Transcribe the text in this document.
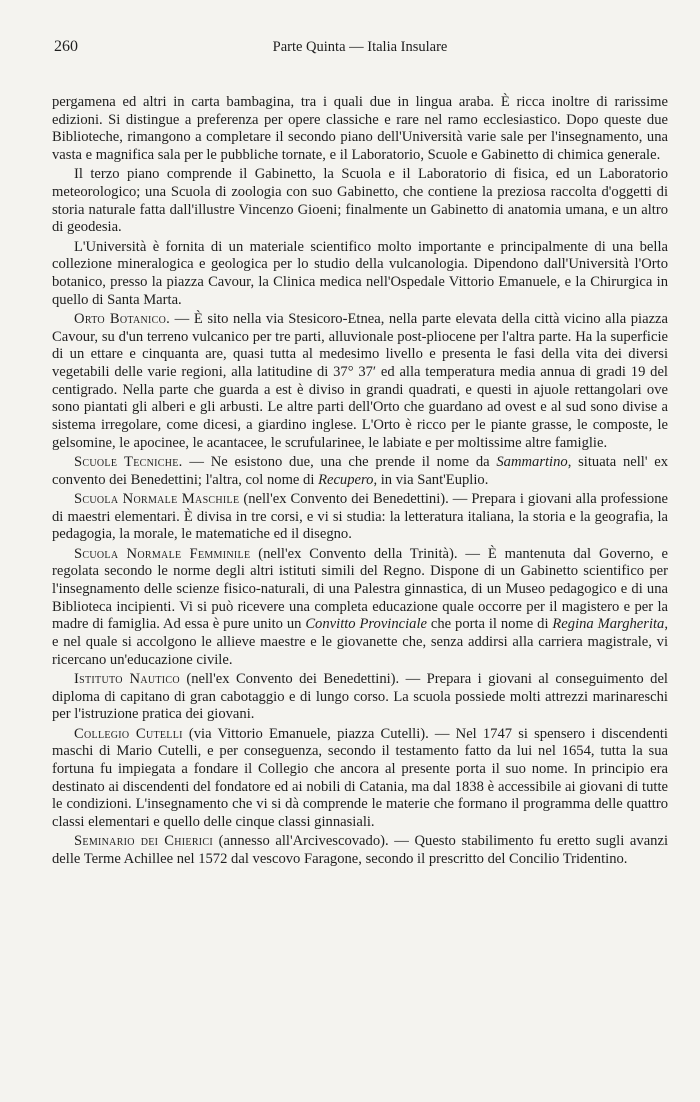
260	Parte Quinta — Italia Insulare

pergamena ed altri in carta bambagina, tra i quali due in lingua araba. È ricca inoltre di rarissime edizioni. Si distingue a preferenza per opere classiche e rare nel ramo ecclesiastico. Dopo queste due Biblioteche, rimangono a completare il secondo piano dell'Università varie sale per l'insegnamento, una vasta e magnifica sala per le pubbliche tornate, e il Laboratorio, Scuole e Gabinetto di chimica generale.

Il terzo piano comprende il Gabinetto, la Scuola e il Laboratorio di fisica, ed un Laboratorio meteorologico; una Scuola di zoologia con suo Gabinetto, che contiene la preziosa raccolta d'oggetti di storia naturale fatta dall'illustre Vincenzo Gioeni; finalmente un Gabinetto di anatomia umana, e un altro di geodesia.

L'Università è fornita di un materiale scientifico molto importante e principalmente di una bella collezione mineralogica e geologica per lo studio della vulcanologia. Dipendono dall'Università l'Orto botanico, presso la piazza Cavour, la Clinica medica nell'Ospedale Vittorio Emanuele, e la Chirurgica in quello di Santa Marta.

Orto Botanico. — È sito nella via Stesicoro-Etnea, nella parte elevata della città vicino alla piazza Cavour, su d'un terreno vulcanico per tre parti, alluvionale post-pliocene per l'altra parte. Ha la superficie di un ettare e cinquanta are, quasi tutta al medesimo livello e presenta le fasi della vita dei diversi vegetabili delle varie regioni, alla latitudine di 37° 37′ ed alla temperatura media annua di gradi 19 del centigrado. Nella parte che guarda a est è diviso in grandi quadrati, e questi in ajuole rettangolari ove sono piantati gli alberi e gli arbusti. Le altre parti dell'Orto che guardano ad ovest e al sud sono divise a sistema irregolare, come dicesi, a giardino inglese. L'Orto è ricco per le piante grasse, le composte, le gelsomine, le apocinee, le acantacee, le scrufularinee, le labiate e per moltissime altre famiglie.

Scuole Tecniche. — Ne esistono due, una che prende il nome da Sammartino, situata nell' ex convento dei Benedettini; l'altra, col nome di Recupero, in via Sant'Euplio.

Scuola Normale Maschile (nell'ex Convento dei Benedettini). — Prepara i giovani alla professione di maestri elementari. È divisa in tre corsi, e vi si studia: la letteratura italiana, la storia e la geografia, la pedagogia, la morale, le matematiche ed il disegno.

Scuola Normale Femminile (nell'ex Convento della Trinità). — È mantenuta dal Governo, e regolata secondo le norme degli altri istituti simili del Regno. Dispone di un Gabinetto scientifico per l'insegnamento delle scienze fisico-naturali, di una Palestra ginnastica, di un Museo pedagogico e di una Biblioteca incipienti. Vi si può ricevere una completa educazione quale occorre per il magistero e per la madre di famiglia. Ad essa è pure unito un Convitto Provinciale che porta il nome di Regina Margherita, e nel quale si accolgono le allieve maestre e le giovanette che, senza addirsi alla carriera magistrale, vi ricercano un'educazione civile.

Istituto Nautico (nell'ex Convento dei Benedettini). — Prepara i giovani al conseguimento del diploma di capitano di gran cabotaggio e di lungo corso. La scuola possiede molti attrezzi marinareschi per l'istruzione pratica dei giovani.

Collegio Cutelli (via Vittorio Emanuele, piazza Cutelli). — Nel 1747 si spensero i discendenti maschi di Mario Cutelli, e per conseguenza, secondo il testamento fatto da lui nel 1654, tutta la sua fortuna fu impiegata a fondare il Collegio che ancora al presente porta il suo nome. In principio era destinato ai discendenti del fondatore ed ai nobili di Catania, ma dal 1838 è accessibile ai giovani di tutte le condizioni. L'insegnamento che vi si dà comprende le materie che formano il programma delle quattro classi elementari e quello delle cinque classi ginnasiali.

Seminario dei Chierici (annesso all'Arcivescovado). — Questo stabilimento fu eretto sugli avanzi delle Terme Achillee nel 1572 dal vescovo Faragone, secondo il prescritto del Concilio Tridentino.
